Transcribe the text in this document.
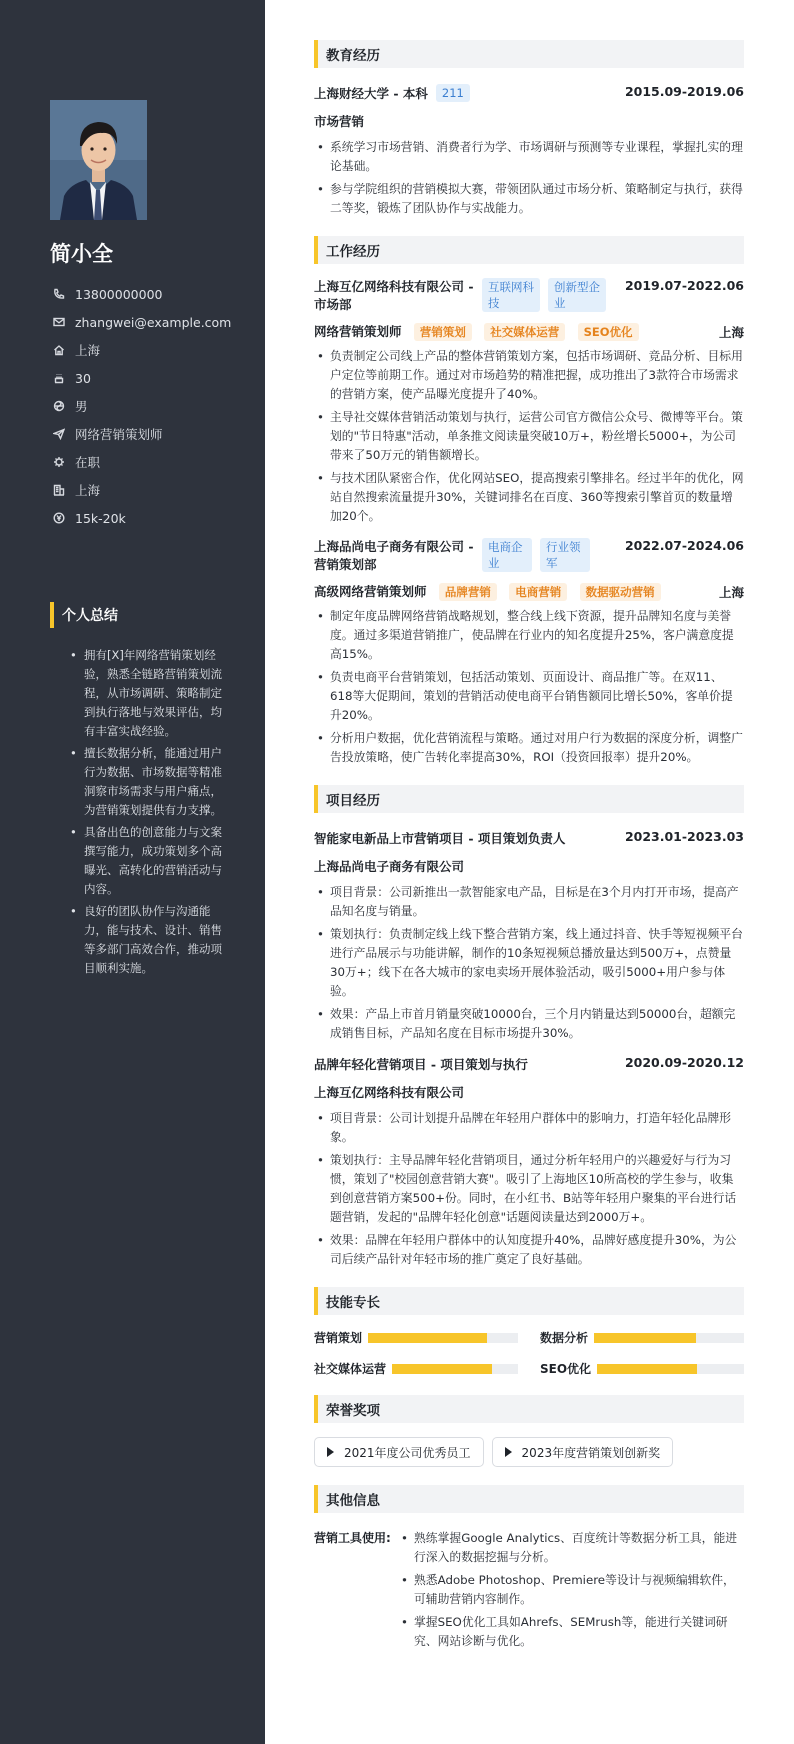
简小全
13800000000
zhangwei@example.com
上海
30
男
网络营销策划师
在职
上海
15k-20k
个人总结
• 拥有[X]年网络营销策划经验，熟悉全链路营销策划流程，从市场调研、策略制定到执行落地与效果评估，均有丰富实战经验。
• 擅长数据分析，能通过用户行为数据、市场数据等精准洞察市场需求与用户痛点，为营销策划提供有力支撑。
• 具备出色的创意能力与文案撰写能力，成功策划多个高曝光、高转化的营销活动与内容。
• 良好的团队协作与沟通能力，能与技术、设计、销售等多部门高效合作，推动项目顺利实施。
教育经历
上海财经大学 - 本科	211	2015.09-2019.06
市场营销
• 系统学习市场营销、消费者行为学、市场调研与预测等专业课程，掌握扎实的理论基础。
• 参与学院组织的营销模拟大赛，带领团队通过市场分析、策略制定与执行，获得二等奖，锻炼了团队协作与实战能力。
工作经历
上海互亿网络科技有限公司 - 市场部
互联网科技
创新型企业
2019.07-2022.06
网络营销策划师 营销策划 社交媒体运营 SEO优化	上海
• 负责制定公司线上产品的整体营销策划方案，包括市场调研、竞品分析、目标用户定位等前期工作。通过对市场趋势的精准把握，成功推出了3款符合市场需求的营销方案，使产品曝光度提升了40%。
• 主导社交媒体营销活动策划与执行，运营公司官方微信公众号、微博等平台。策划的"节日特惠"活动，单条推文阅读量突破10万+，粉丝增长5000+，为公司带来了50万元的销售额增长。
• 与技术团队紧密合作，优化网站SEO，提高搜索引擎排名。经过半年的优化，网站自然搜索流量提升30%，关键词排名在百度、360等搜索引擎首页的数量增加20个。
上海品尚电子商务有限公司 - 营销策划部
电商企业
行业领军
2022.07-2024.06
高级网络营销策划师 品牌营销 电商营销 数据驱动营销	上海
• 制定年度品牌网络营销战略规划，整合线上线下资源，提升品牌知名度与美誉度。通过多渠道营销推广，使品牌在行业内的知名度提升25%，客户满意度提高15%。
• 负责电商平台营销策划，包括活动策划、页面设计、商品推广等。在双11、618等大促期间，策划的营销活动使电商平台销售额同比增长50%，客单价提升20%。
• 分析用户数据，优化营销流程与策略。通过对用户行为数据的深度分析，调整广告投放策略，使广告转化率提高30%，ROI（投资回报率）提升20%。
项目经历
智能家电新品上市营销项目 - 项目策划负责人	2023.01-2023.03
上海品尚电子商务有限公司
• 项目背景：公司新推出一款智能家电产品，目标是在3个月内打开市场，提高产品知名度与销量。
• 策划执行：负责制定线上线下整合营销方案，线上通过抖音、快手等短视频平台进行产品展示与功能讲解，制作的10条短视频总播放量达到500万+，点赞量30万+；线下在各大城市的家电卖场开展体验活动，吸引5000+用户参与体验。
• 效果：产品上市首月销量突破10000台，三个月内销量达到50000台，超额完成销售目标，产品知名度在目标市场提升30%。
品牌年轻化营销项目 - 项目策划与执行	2020.09-2020.12
上海互亿网络科技有限公司
• 项目背景：公司计划提升品牌在年轻用户群体中的影响力，打造年轻化品牌形象。
• 策划执行：主导品牌年轻化营销项目，通过分析年轻用户的兴趣爱好与行为习惯，策划了"校园创意营销大赛"。吸引了上海地区10所高校的学生参与，收集到创意营销方案500+份。同时，在小红书、B站等年轻用户聚集的平台进行话题营销，发起的"品牌年轻化创意"话题阅读量达到2000万+。
• 效果：品牌在年轻用户群体中的认知度提升40%，品牌好感度提升30%，为公司后续产品针对年轻市场的推广奠定了良好基础。
技能专长
营销策划	数据分析
社交媒体运营	SEO优化
荣誉奖项
2021年度公司优秀员工	2023年度营销策划创新奖
其他信息
营销工具使用:
•	熟练掌握Google Analytics、百度统计等数据分析工具，能进行深入的数据挖掘与分析。
• 熟悉Adobe Photoshop、Premiere等设计与视频编辑软件，可辅助营销内容制作。
• 掌握SEO优化工具如Ahrefs、SEMrush等，能进行关键词研究、网站诊断与优化。
